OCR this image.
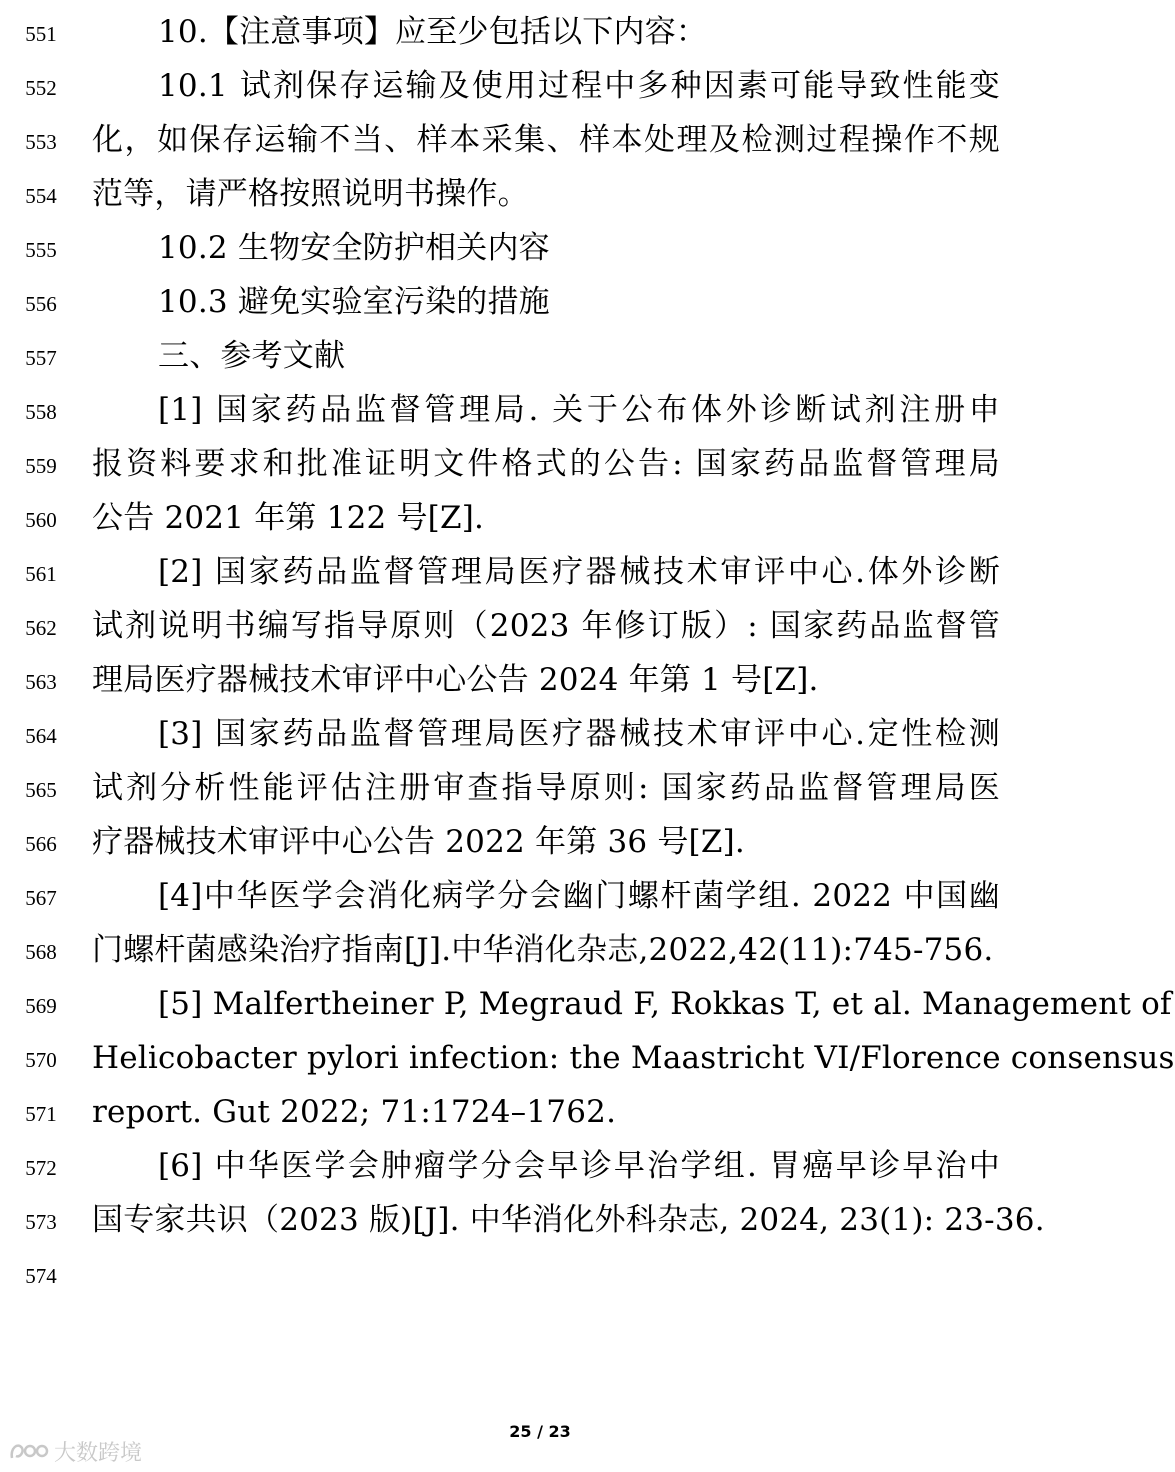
551	10.【注意事项】应至少包括以下内容：
552	10.1 试剂保存运输及使用过程中多种因素可能导致性能变
553	化，如保存运输不当、样本采集、样本处理及检测过程操作不规
554	范等，请严格按照说明书操作。
555	10.2 生物安全防护相关内容
556	10.3 避免实验室污染的措施
557	三、参考文献
558	[1] 国家药品监督管理局. 关于公布体外诊断试剂注册申
559	报资料要求和批准证明文件格式的公告: 国家药品监督管理局
560	公告 2021 年第 122 号[Z].
561	[2] 国家药品监督管理局医疗器械技术审评中心.体外诊断
562	试剂说明书编写指导原则（2023 年修订版）: 国家药品监督管
563	理局医疗器械技术审评中心公告 2024 年第 1 号[Z].
564	[3] 国家药品监督管理局医疗器械技术审评中心.定性检测
565	试剂分析性能评估注册审查指导原则: 国家药品监督管理局医
566	疗器械技术审评中心公告 2022 年第 36 号[Z].
567	[4]中华医学会消化病学分会幽门螺杆菌学组. 2022 中国幽
568	门螺杆菌感染治疗指南[J].中华消化杂志,2022,42(11):745-756.
569	[5] Malfertheiner P, Megraud F, Rokkas T, et al. Management of
570	Helicobacter pylori infection: the Maastricht VI/Florence consensus
571	report. Gut 2022; 71:1724–1762.
572	[6] 中华医学会肿瘤学分会早诊早治学组. 胃癌早诊早治中
573	国专家共识（2023 版)[J]. 中华消化外科杂志, 2024, 23(1): 23-36.
574
25 / 23
大数跨境
